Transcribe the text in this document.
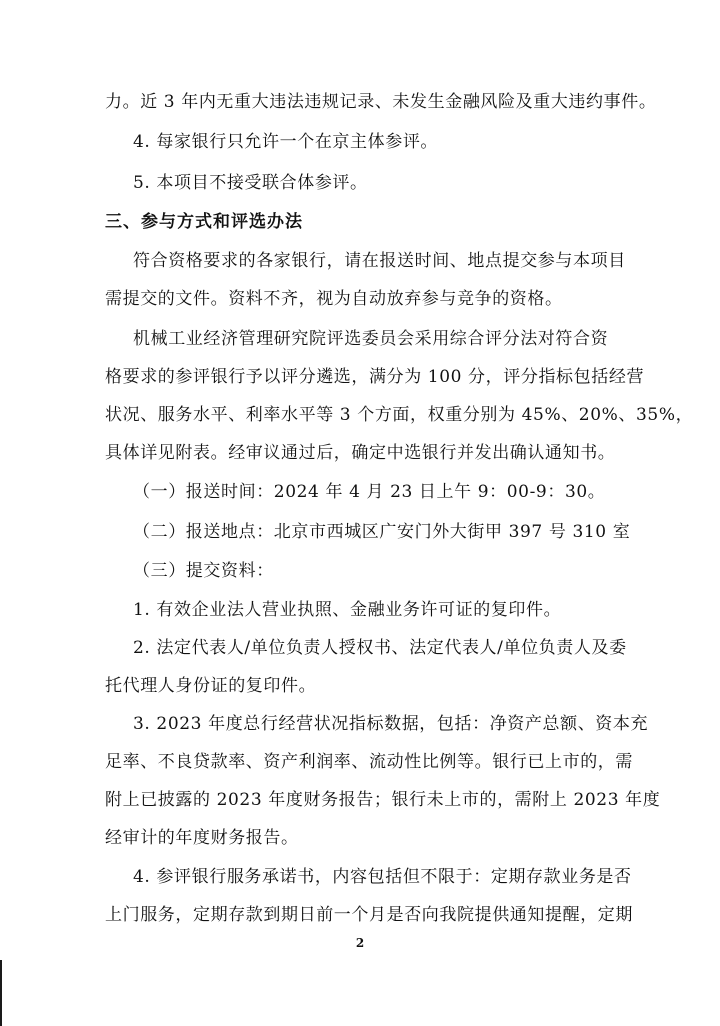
力。近 3 年内无重大违法违规记录、未发生金融风险及重大违约事件。
4. 每家银行只允许一个在京主体参评。
5. 本项目不接受联合体参评。
三、参与方式和评选办法
符合资格要求的各家银行，请在报送时间、地点提交参与本项目
需提交的文件。资料不齐，视为自动放弃参与竞争的资格。
机械工业经济管理研究院评选委员会采用综合评分法对符合资
格要求的参评银行予以评分遴选，满分为 100 分，评分指标包括经营
状况、服务水平、利率水平等 3 个方面，权重分别为 45%、20%、35%，
具体详见附表。经审议通过后，确定中选银行并发出确认通知书。
（一）报送时间：2024 年 4 月 23 日上午 9：00-9：30。
（二）报送地点：北京市西城区广安门外大街甲 397 号 310 室
（三）提交资料：
1. 有效企业法人营业执照、金融业务许可证的复印件。
2. 法定代表人/单位负责人授权书、法定代表人/单位负责人及委
托代理人身份证的复印件。
3. 2023 年度总行经营状况指标数据，包括：净资产总额、资本充
足率、不良贷款率、资产利润率、流动性比例等。银行已上市的，需
附上已披露的 2023 年度财务报告；银行未上市的，需附上 2023 年度
经审计的年度财务报告。
4. 参评银行服务承诺书，内容包括但不限于：定期存款业务是否
上门服务，定期存款到期日前一个月是否向我院提供通知提醒，定期
2
